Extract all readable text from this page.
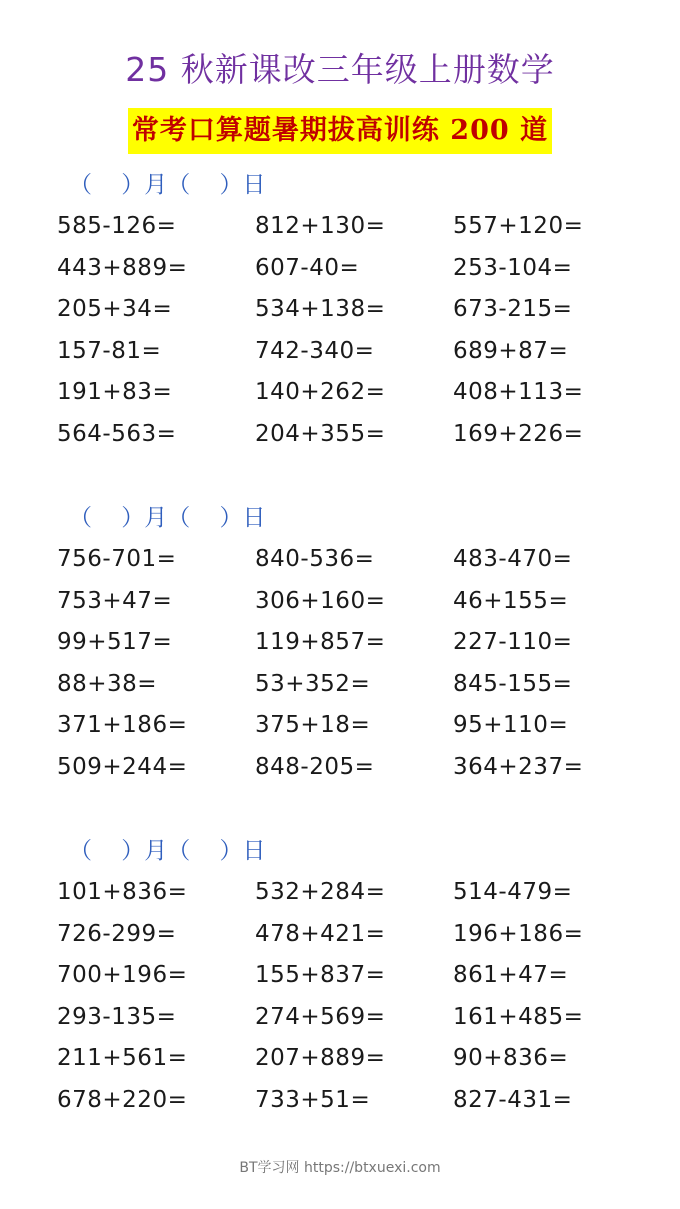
25 秋新课改三年级上册数学
常考口算题暑期拔高训练 200 道
（    ）月（    ）日
585-126=	812+130=	557+120=
443+889=	607-40=	253-104=
205+34=	534+138=	673-215=
157-81=	742-340=	689+87=
191+83=	140+262=	408+113=
564-563=	204+355=	169+226=
（    ）月（    ）日
756-701=	840-536=	483-470=
753+47=	306+160=	46+155=
99+517=	119+857=	227-110=
88+38=	53+352=	845-155=
371+186=	375+18=	95+110=
509+244=	848-205=	364+237=
（    ）月（    ）日
101+836=	532+284=	514-479=
726-299=	478+421=	196+186=
700+196=	155+837=	861+47=
293-135=	274+569=	161+485=
211+561=	207+889=	90+836=
678+220=	733+51=	827-431=
BT学习网 https://btxuexi.com
